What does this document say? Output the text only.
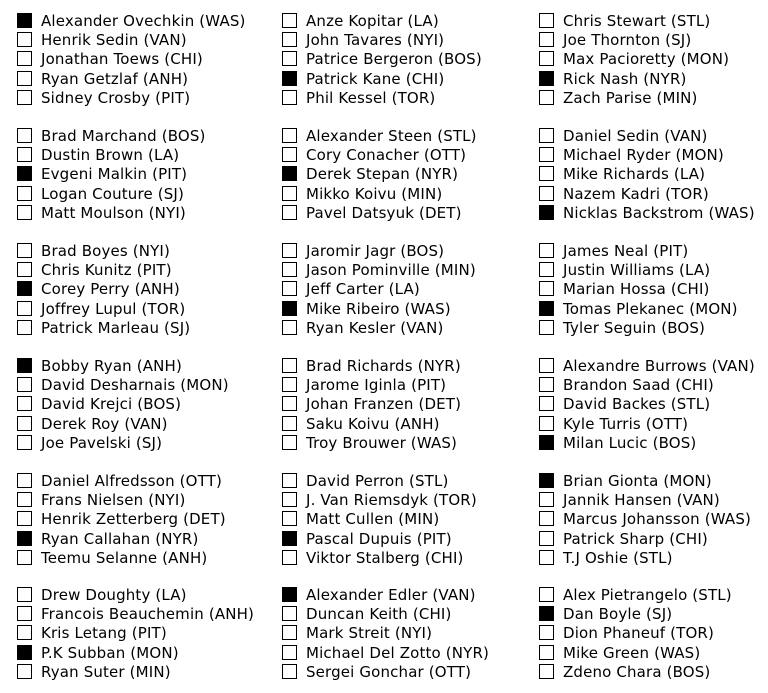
Alexander Ovechkin (WAS)
Henrik Sedin (VAN)
Jonathan Toews (CHI)
Ryan Getzlaf (ANH)
Sidney Crosby (PIT)
Anze Kopitar (LA)
John Tavares (NYI)
Patrice Bergeron (BOS)
Patrick Kane (CHI)
Phil Kessel (TOR)
Chris Stewart (STL)
Joe Thornton (SJ)
Max Pacioretty (MON)
Rick Nash (NYR)
Zach Parise (MIN)
Brad Marchand (BOS)
Dustin Brown (LA)
Evgeni Malkin (PIT)
Logan Couture (SJ)
Matt Moulson (NYI)
Alexander Steen (STL)
Cory Conacher (OTT)
Derek Stepan (NYR)
Mikko Koivu (MIN)
Pavel Datsyuk (DET)
Daniel Sedin (VAN)
Michael Ryder (MON)
Mike Richards (LA)
Nazem Kadri (TOR)
Nicklas Backstrom (WAS)
Brad Boyes (NYI)
Chris Kunitz (PIT)
Corey Perry (ANH)
Joffrey Lupul (TOR)
Patrick Marleau (SJ)
Jaromir Jagr (BOS)
Jason Pominville (MIN)
Jeff Carter (LA)
Mike Ribeiro (WAS)
Ryan Kesler (VAN)
James Neal (PIT)
Justin Williams (LA)
Marian Hossa (CHI)
Tomas Plekanec (MON)
Tyler Seguin (BOS)
Bobby Ryan (ANH)
David Desharnais (MON)
David Krejci (BOS)
Derek Roy (VAN)
Joe Pavelski (SJ)
Brad Richards (NYR)
Jarome Iginla (PIT)
Johan Franzen (DET)
Saku Koivu (ANH)
Troy Brouwer (WAS)
Alexandre Burrows (VAN)
Brandon Saad (CHI)
David Backes (STL)
Kyle Turris (OTT)
Milan Lucic (BOS)
Daniel Alfredsson (OTT)
Frans Nielsen (NYI)
Henrik Zetterberg (DET)
Ryan Callahan (NYR)
Teemu Selanne (ANH)
David Perron (STL)
J. Van Riemsdyk (TOR)
Matt Cullen (MIN)
Pascal Dupuis (PIT)
Viktor Stalberg (CHI)
Brian Gionta (MON)
Jannik Hansen (VAN)
Marcus Johansson (WAS)
Patrick Sharp (CHI)
T.J Oshie (STL)
Drew Doughty (LA)
Francois Beauchemin (ANH)
Kris Letang (PIT)
P.K Subban (MON)
Ryan Suter (MIN)
Alexander Edler (VAN)
Duncan Keith (CHI)
Mark Streit (NYI)
Michael Del Zotto (NYR)
Sergei Gonchar (OTT)
Alex Pietrangelo (STL)
Dan Boyle (SJ)
Dion Phaneuf (TOR)
Mike Green (WAS)
Zdeno Chara (BOS)
